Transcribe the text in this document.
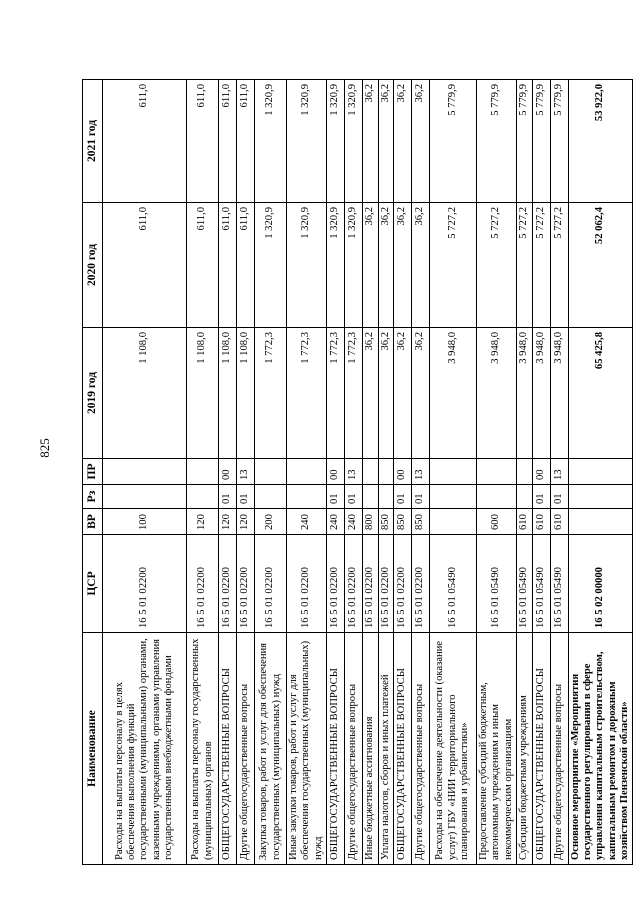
825
Наименование	ЦСР	ВР	Рз	ПР	2019 год	2020 год	2021 год
Расходы на выплаты персоналу в целях обеспечения выполнения функций государственными (муниципальными) органами, казенными учреждениями, органами управления государственными внебюджетными фондами	16 5 01 02200	100			1 108,0	611,0	611,0
Расходы на выплаты персоналу государственных (муниципальных) органов	16 5 01 02200	120			1 108,0	611,0	611,0
ОБЩЕГОСУДАРСТВЕННЫЕ ВОПРОСЫ	16 5 01 02200	120	01	00	1 108,0	611,0	611,0
Другие общегосударственные вопросы	16 5 01 02200	120	01	13	1 108,0	611,0	611,0
Закупка товаров, работ и услуг для обеспечения государственных (муниципальных) нужд	16 5 01 02200	200			1 772,3	1 320,9	1 320,9
Иные закупки товаров, работ и услуг для обеспечения государственных (муниципальных) нужд	16 5 01 02200	240			1 772,3	1 320,9	1 320,9
ОБЩЕГОСУДАРСТВЕННЫЕ ВОПРОСЫ	16 5 01 02200	240	01	00	1 772,3	1 320,9	1 320,9
Другие общегосударственные вопросы	16 5 01 02200	240	01	13	1 772,3	1 320,9	1 320,9
Иные бюджетные ассигнования	16 5 01 02200	800			36,2	36,2	36,2
Уплата налогов, сборов и иных платежей	16 5 01 02200	850			36,2	36,2	36,2
ОБЩЕГОСУДАРСТВЕННЫЕ ВОПРОСЫ	16 5 01 02200	850	01	00	36,2	36,2	36,2
Другие общегосударственные вопросы	16 5 01 02200	850	01	13	36,2	36,2	36,2
Расходы на обеспечение деятельности (оказание услуг) ГБУ «НИИ территориального планирования и урбанистики»	16 5 01 05490				3 948,0	5 727,2	5 779,9
Предоставление субсидий бюджетным, автономным учреждениям и иным некоммерческим организациям	16 5 01 05490	600			3 948,0	5 727,2	5 779,9
Субсидии бюджетным учреждениям	16 5 01 05490	610			3 948,0	5 727,2	5 779,9
ОБЩЕГОСУДАРСТВЕННЫЕ ВОПРОСЫ	16 5 01 05490	610	01	00	3 948,0	5 727,2	5 779,9
Другие общегосударственные вопросы	16 5 01 05490	610	01	13	3 948,0	5 727,2	5 779,9
Основное мероприятие «Мероприятия государственного регулирования в сфере управления капитальным строительством, капитальным ремонтом и дорожным хозяйством Пензенской области»	16 5 02 00000				65 425,8	52 062,4	53 922,0
